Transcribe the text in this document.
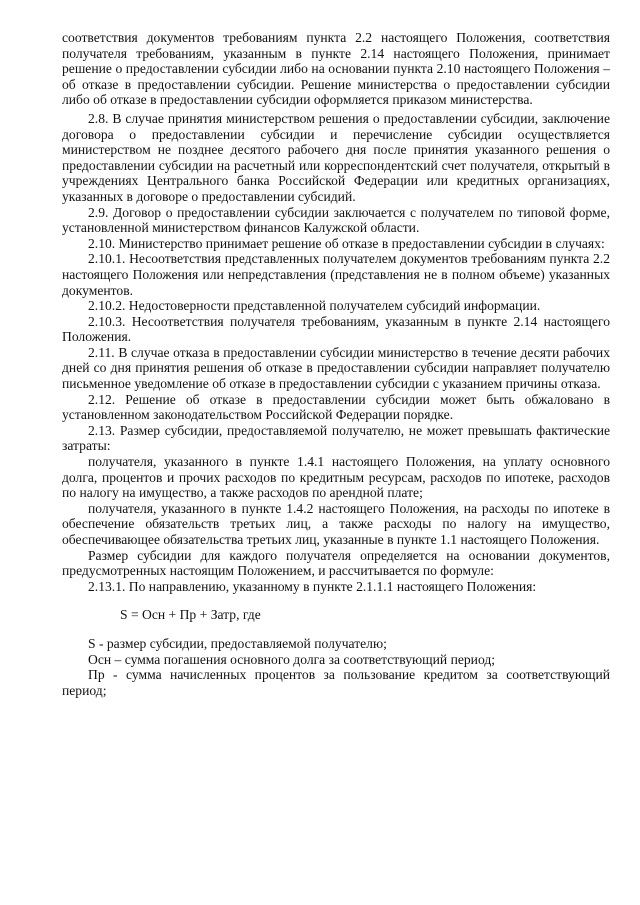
соответствия документов требованиям пункта 2.2 настоящего Положения, соответствия получателя требованиям, указанным в пункте 2.14 настоящего Положения, принимает решение о предоставлении субсидии либо на основании пункта 2.10 настоящего Положения – об отказе в предоставлении субсидии. Решение министерства о предоставлении субсидии либо об отказе в предоставлении субсидии оформляется приказом министерства.

2.8. В случае принятия министерством решения о предоставлении субсидии, заключение договора о предоставлении субсидии и перечисление субсидии осуществляется министерством не позднее десятого рабочего дня после принятия указанного решения о предоставлении субсидии на расчетный или корреспондентский счет получателя, открытый в учреждениях Центрального банка Российской Федерации или кредитных организациях, указанных в договоре о предоставлении субсидий.

2.9. Договор о предоставлении субсидии заключается с получателем по типовой форме, установленной министерством финансов Калужской области.

2.10. Министерство принимает решение об отказе в предоставлении субсидии в случаях:

2.10.1. Несоответствия представленных получателем документов требованиям пункта 2.2 настоящего Положения или непредставления (представления не в полном объеме) указанных документов.

2.10.2. Недостоверности представленной получателем субсидий информации.

2.10.3. Несоответствия получателя требованиям, указанным в пункте 2.14 настоящего Положения.

2.11. В случае отказа в предоставлении субсидии министерство в течение десяти рабочих дней со дня принятия решения об отказе в предоставлении субсидии направляет получателю письменное уведомление об отказе в предоставлении субсидии с указанием причины отказа.

2.12. Решение об отказе в предоставлении субсидии может быть обжаловано в установленном законодательством Российской Федерации порядке.

2.13. Размер субсидии, предоставляемой получателю, не может превышать фактические затраты:

получателя, указанного в пункте 1.4.1 настоящего Положения, на уплату основного долга, процентов и прочих расходов по кредитным ресурсам, расходов по ипотеке, расходов по налогу на имущество, а также расходов по арендной плате;

получателя, указанного в пункте 1.4.2 настоящего Положения, на расходы по ипотеке в обеспечение обязательств третьих лиц, а также расходы по налогу на имущество, обеспечивающее обязательства третьих лиц, указанные в пункте 1.1 настоящего Положения.

Размер субсидии для каждого получателя определяется на основании документов, предусмотренных настоящим Положением, и рассчитывается по формуле:

2.13.1. По направлению, указанному в пункте 2.1.1.1 настоящего Положения:

S = Осн + Пр + Затр, где

S - размер субсидии, предоставляемой получателю;

Осн – сумма погашения основного долга за соответствующий период;

Пр - сумма начисленных процентов за пользование кредитом за соответствующий период;
